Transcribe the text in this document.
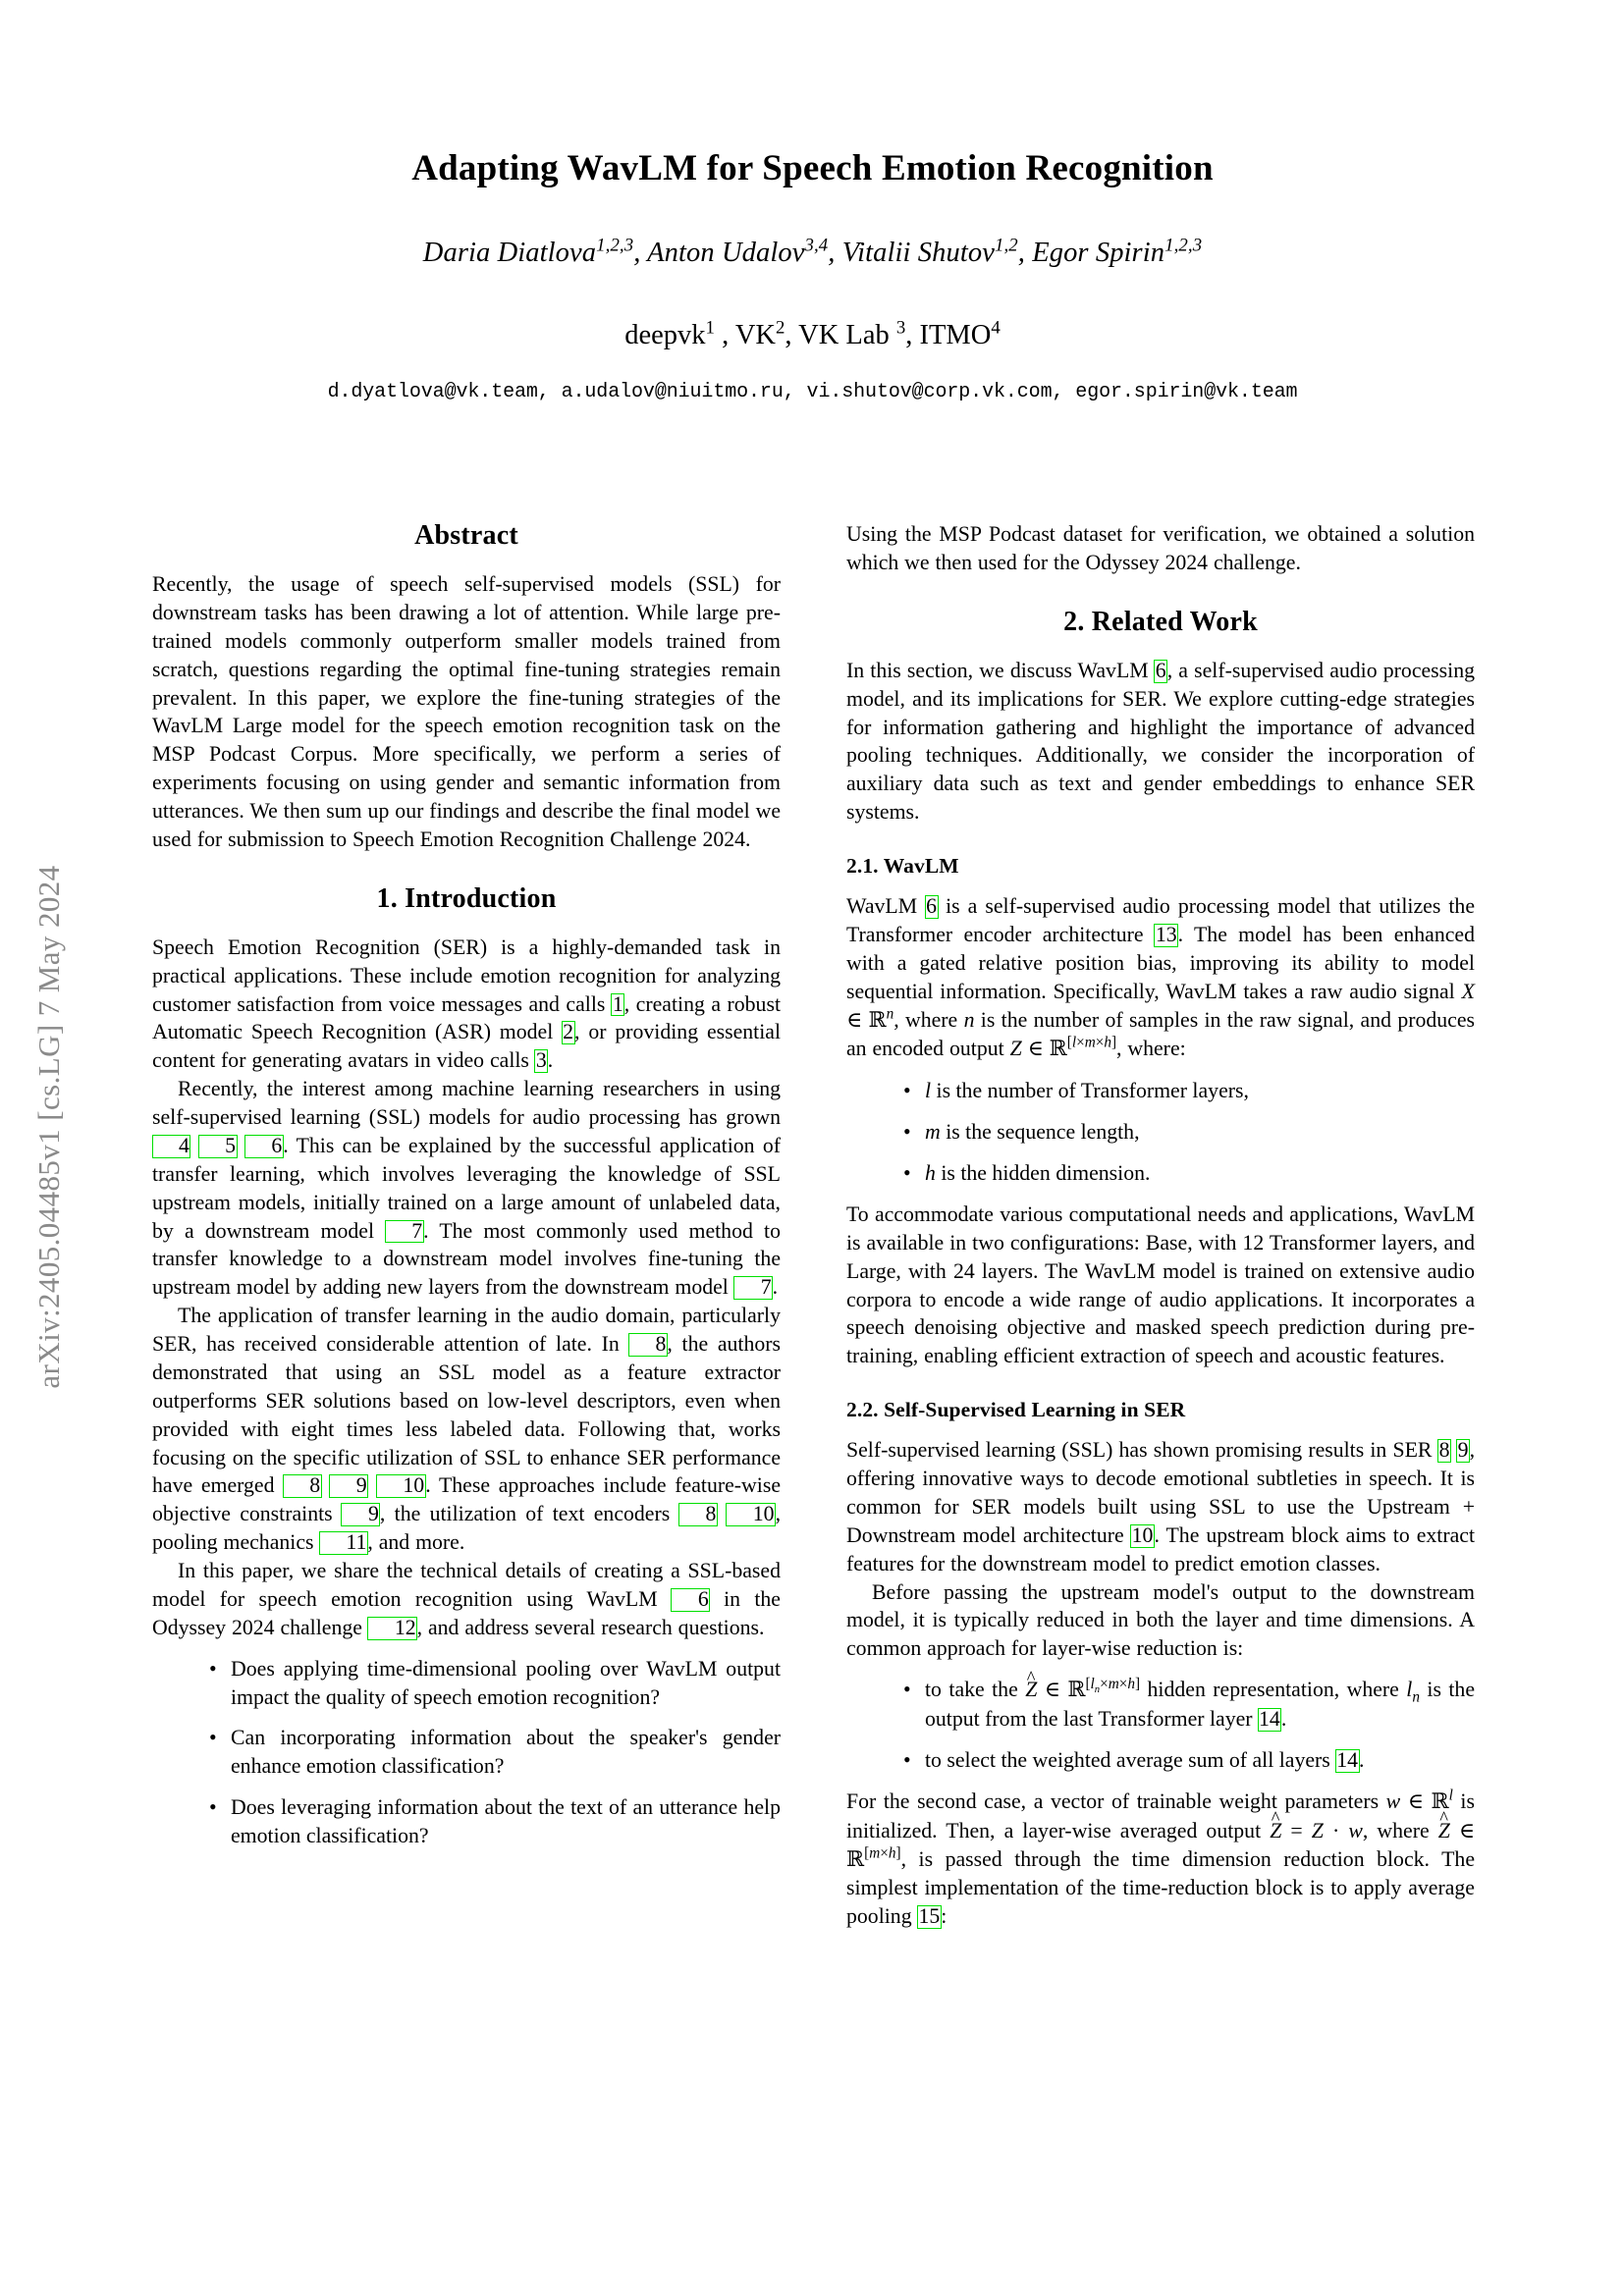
arXiv:2405.04485v1 [cs.LG] 7 May 2024
Adapting WavLM for Speech Emotion Recognition
Daria Diatlova$^{1,2,3}$, Anton Udalov$^{3,4}$, Vitalii Shutov$^{1,2}$, Egor Spirin$^{1,2,3}$
deepvk$^1$ , $VK^2$, VK Lab $^3$, ITMO$^4$
d.dyatlova@vk.team, a.udalov@niuitmo.ru, vi.shutov@corp.vk.com, egor.spirin@vk.team
Abstract

Recently, the usage of speech self-supervised models (SSL) for downstream tasks has been drawing a lot of attention. While large pre-trained models commonly outperform smaller models trained from scratch, questions regarding the optimal fine-tuning strategies remain prevalent. In this paper, we explore the fine-tuning strategies of the WavLM Large model for the speech emotion recognition task on the MSP Podcast Corpus. More specifically, we perform a series of experiments focusing on using gender and semantic information from utterances. We then sum up our findings and describe the final model we used for submission to Speech Emotion Recognition Challenge 2024.

1. Introduction

Speech Emotion Recognition (SER) is a highly-demanded task in practical applications. These include emotion recognition for analyzing customer satisfaction from voice messages and calls 1, creating a robust Automatic Speech Recognition (ASR) model 2, or providing essential content for generating avatars in video calls 3.

Recently, the interest among machine learning researchers in using self-supervised learning (SSL) models for audio processing has grown 4 5 6. This can be explained by the successful application of transfer learning, which involves leveraging the knowledge of SSL upstream models, initially trained on a large amount of unlabeled data, by a downstream model 7. The most commonly used method to transfer knowledge to a downstream model involves fine-tuning the upstream model by adding new layers from the downstream model 7.

The application of transfer learning in the audio domain, particularly SER, has received considerable attention of late. In 8, the authors demonstrated that using an SSL model as a feature extractor outperforms SER solutions based on low-level descriptors, even when provided with eight times less labeled data. Following that, works focusing on the specific utilization of SSL to enhance SER performance have emerged 8 9 10. These approaches include feature-wise objective constraints 9, the utilization of text encoders 8 10, pooling mechanics 11, and more.

In this paper, we share the technical details of creating a SSL-based model for speech emotion recognition using WavLM 6 in the Odyssey 2024 challenge 12, and address several research questions.

• Does applying time-dimensional pooling over WavLM output impact the quality of speech emotion recognition?
• Can incorporating information about the speaker's gender enhance emotion classification?
• Does leveraging information about the text of an utterance help emotion classification?

Using the MSP Podcast dataset for verification, we obtained a solution which we then used for the Odyssey 2024 challenge.

2. Related Work

In this section, we discuss WavLM 6, a self-supervised audio processing model, and its implications for SER. We explore cutting-edge strategies for information gathering and highlight the importance of advanced pooling techniques. Additionally, we consider the incorporation of auxiliary data such as text and gender embeddings to enhance SER systems.

2.1. WavLM

WavLM 6 is a self-supervised audio processing model that utilizes the Transformer encoder architecture 13. The model has been enhanced with a gated relative position bias, improving its ability to model sequential information. Specifically, WavLM takes a raw audio signal X ∈ ℝ$^n$, where n is the number of samples in the raw signal, and produces an encoded output Z ∈ ℝ[l×m×h], where:

• l is the number of Transformer layers,
• m is the sequence length,
• h is the hidden dimension.

To accommodate various computational needs and applications, WavLM is available in two configurations: Base, with 12 Transformer layers, and Large, with 24 layers. The WavLM model is trained on extensive audio corpora to encode a wide range of audio applications. It incorporates a speech denoising objective and masked speech prediction during pre-training, enabling efficient extraction of speech and acoustic features.

2.2. Self-Supervised Learning in SER

Self-supervised learning (SSL) has shown promising results in SER 8 9, offering innovative ways to decode emotional subtleties in speech. It is common for SER models built using SSL to use the Upstream + Downstream model architecture 10. The upstream block aims to extract features for the downstream model to predict emotion classes.

Before passing the upstream model's output to the downstream model, it is typically reduced in both the layer and time dimensions. A common approach for layer-wise reduction is:

• to take the Z ^ ∈ ℝ[ln×m×h] hidden representation, where $l_n$ is the output from the last Transformer layer 14.
• to select the weighted average sum of all layers 14.

For the second case, a vector of trainable weight parameters w ∈ ℝ$^l$ is initialized. Then, a layer-wise averaged output Z ^ = Z · w, where Z ^ ∈ ℝ[m×h], is passed through the time dimension reduction block. The simplest implementation of the time-reduction block is to apply average pooling 15:
